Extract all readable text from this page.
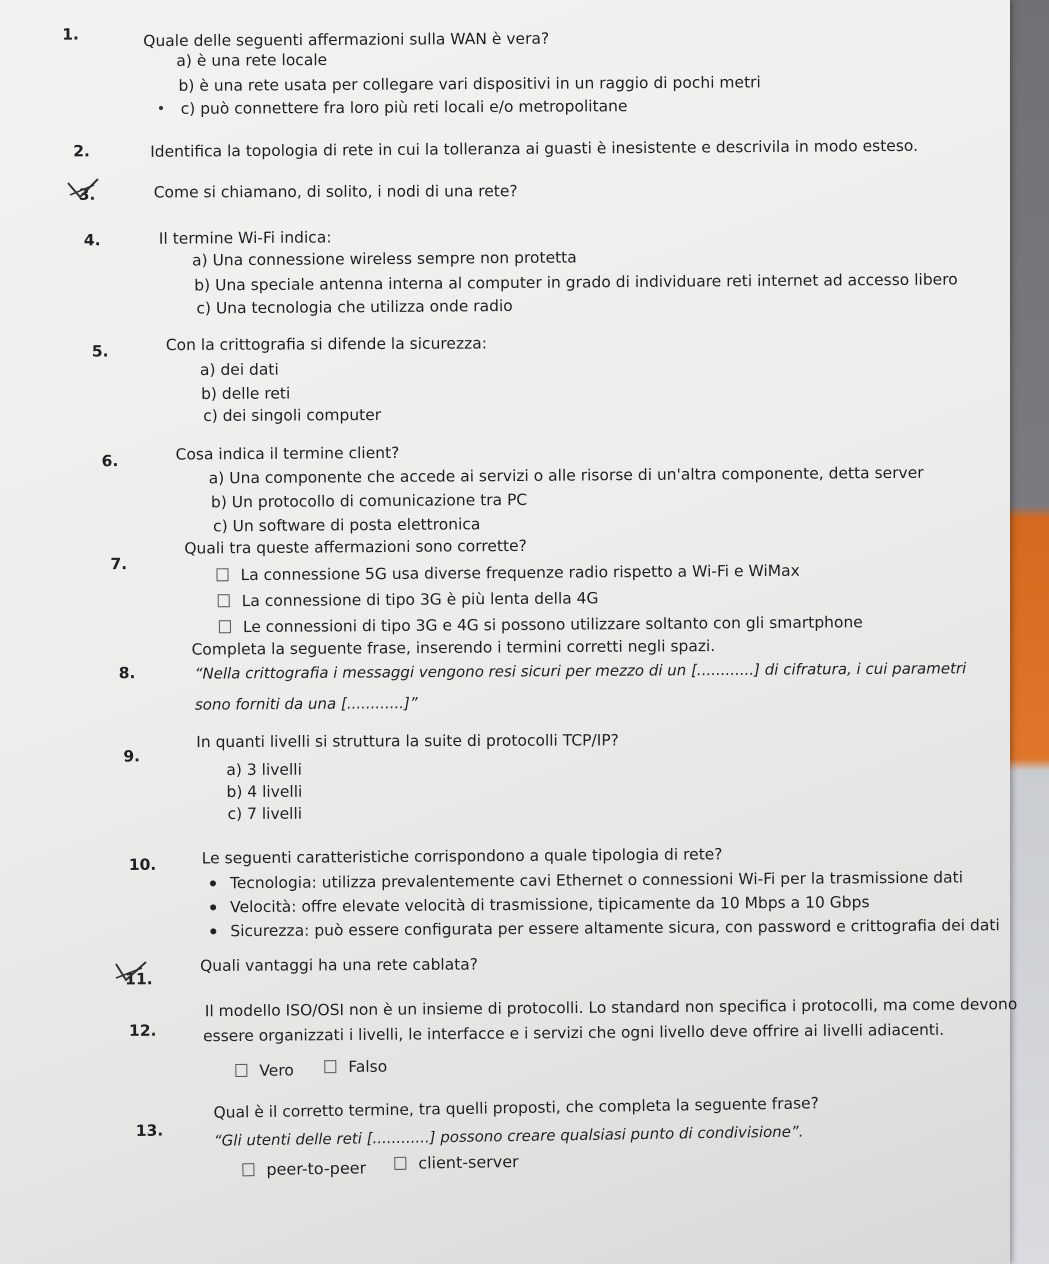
1.	Quale delle seguenti affermazioni sulla WAN è vera?
a) è una rete locale
b) è una rete usata per collegare vari dispositivi in un raggio di pochi metri
c) può connettere fra loro più reti locali e/o metropolitane
2.	Identifica la topologia di rete in cui la tolleranza ai guasti è inesistente e descrivila in modo esteso.
3.	Come si chiamano, di solito, i nodi di una rete?
4.	Il termine Wi-Fi indica:
a) Una connessione wireless sempre non protetta
b) Una speciale antenna interna al computer in grado di individuare reti internet ad accesso libero
c) Una tecnologia che utilizza onde radio
5.	Con la crittografia si difende la sicurezza:
a) dei dati
b) delle reti
c) dei singoli computer
6.	Cosa indica il termine client?
a) Una componente che accede ai servizi o alle risorse di un'altra componente, detta server
b) Un protocollo di comunicazione tra PC
c) Un software di posta elettronica
7.
Quali tra queste affermazioni sono corrette?
La connessione 5G usa diverse frequenze radio rispetto a Wi-Fi e WiMax
La connessione di tipo 3G è più lenta della 4G
Le connessioni di tipo 3G e 4G si possono utilizzare soltanto con gli smartphone
8.
Completa la seguente frase, inserendo i termini corretti negli spazi.
“Nella crittografia i messaggi vengono resi sicuri per mezzo di un [............] di cifratura, i cui parametri
sono forniti da una [............]”
9.
In quanti livelli si struttura la suite di protocolli TCP/IP?
a) 3 livelli
b) 4 livelli
c) 7 livelli
10.	Le seguenti caratteristiche corrispondono a quale tipologia di rete?
Tecnologia: utilizza prevalentemente cavi Ethernet o connessioni Wi-Fi per la trasmissione dati
Velocità: offre elevate velocità di trasmissione, tipicamente da 10 Mbps a 10 Gbps
Sicurezza: può essere configurata per essere altamente sicura, con password e crittografia dei dati
11.
Quali vantaggi ha una rete cablata?
12.
Il modello ISO/OSI non è un insieme di protocolli. Lo standard non specifica i protocolli, ma come devono
essere organizzati i livelli, le interfacce e i servizi che ogni livello deve offrire ai livelli adiacenti.
Vero	Falso
13.
Qual è il corretto termine, tra quelli proposti, che completa la seguente frase?
“Gli utenti delle reti [............] possono creare qualsiasi punto di condivisione”.
peer-to-peer	client-server
